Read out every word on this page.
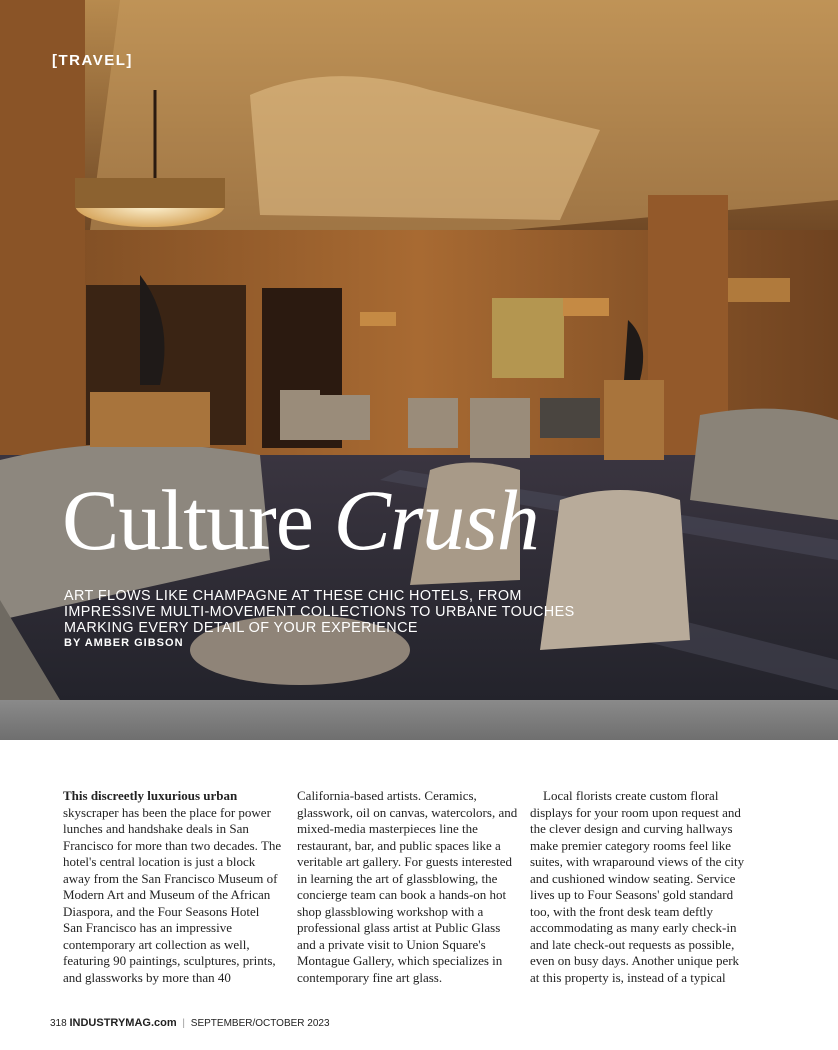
[TRAVEL]
Culture Crush
ART FLOWS LIKE CHAMPAGNE AT THESE CHIC HOTELS, FROM
IMPRESSIVE MULTI-MOVEMENT COLLECTIONS TO URBANE TOUCHES
MARKING EVERY DETAIL OF YOUR EXPERIENCE
BY AMBER GIBSON
This discreetly luxurious urban
skyscraper has been the place for power
lunches and handshake deals in San
Francisco for more than two decades. The
hotel's central location is just a block
away from the San Francisco Museum of
Modern Art and Museum of the African
Diaspora, and the Four Seasons Hotel
San Francisco has an impressive
contemporary art collection as well,
featuring 90 paintings, sculptures, prints,
and glassworks by more than 40
California-based artists. Ceramics,
glasswork, oil on canvas, watercolors, and
mixed-media masterpieces line the
restaurant, bar, and public spaces like a
veritable art gallery. For guests interested
in learning the art of glassblowing, the
concierge team can book a hands-on hot
shop glassblowing workshop with a
professional glass artist at Public Glass
and a private visit to Union Square's
Montague Gallery, which specializes in
contemporary fine art glass.
 Local florists create custom floral
displays for your room upon request and
the clever design and curving hallways
make premier category rooms feel like
suites, with wraparound views of the city
and cushioned window seating. Service
lives up to Four Seasons' gold standard
too, with the front desk team deftly
accommodating as many early check-in
and late check-out requests as possible,
even on busy days. Another unique perk
at this property is, instead of a typical
318 INDUSTRYMAG.com | SEPTEMBER/OCTOBER 2023
